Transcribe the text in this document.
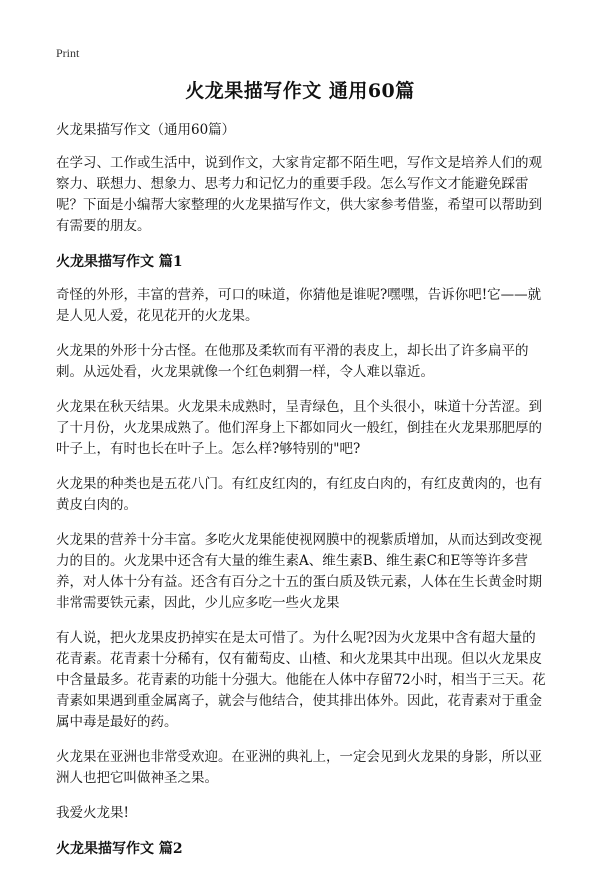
Print
火龙果描写作文 通用60篇

火龙果描写作文（通用60篇）

在学习、工作或生活中，说到作文，大家肯定都不陌生吧，写作文是培养人们的观察力、联想力、想象力、思考力和记忆力的重要手段。怎么写作文才能避免踩雷呢？下面是小编帮大家整理的火龙果描写作文，供大家参考借鉴，希望可以帮助到有需要的朋友。

火龙果描写作文 篇1

奇怪的外形，丰富的营养，可口的味道，你猜他是谁呢?嘿嘿，告诉你吧!它——就是人见人爱，花见花开的火龙果。

火龙果的外形十分古怪。在他那及柔软而有平滑的表皮上，却长出了许多扁平的刺。从远处看，火龙果就像一个红色刺猬一样，令人难以靠近。

火龙果在秋天结果。火龙果未成熟时，呈青绿色，且个头很小，味道十分苦涩。到了十月份，火龙果成熟了。他们浑身上下都如同火一般红，倒挂在火龙果那肥厚的叶子上，有时也长在叶子上。怎么样?够特别的"吧?

火龙果的种类也是五花八门。有红皮红肉的，有红皮白肉的，有红皮黄肉的，也有黄皮白肉的。

火龙果的营养十分丰富。多吃火龙果能使视网膜中的视紫质增加，从而达到改变视力的目的。火龙果中还含有大量的维生素A、维生素B、维生素C和E等等许多营养，对人体十分有益。还含有百分之十五的蛋白质及铁元素，人体在生长黄金时期非常需要铁元素，因此，少儿应多吃一些火龙果

有人说，把火龙果皮扔掉实在是太可惜了。为什么呢?因为火龙果中含有超大量的花青素。花青素十分稀有，仅有葡萄皮、山楂、和火龙果其中出现。但以火龙果皮中含量最多。花青素的功能十分强大。他能在人体中存留72小时，相当于三天。花青素如果遇到重金属离子，就会与他结合，使其排出体外。因此，花青素对于重金属中毒是最好的药。

火龙果在亚洲也非常受欢迎。在亚洲的典礼上，一定会见到火龙果的身影，所以亚洲人也把它叫做神圣之果。

我爱火龙果!

火龙果描写作文 篇2
